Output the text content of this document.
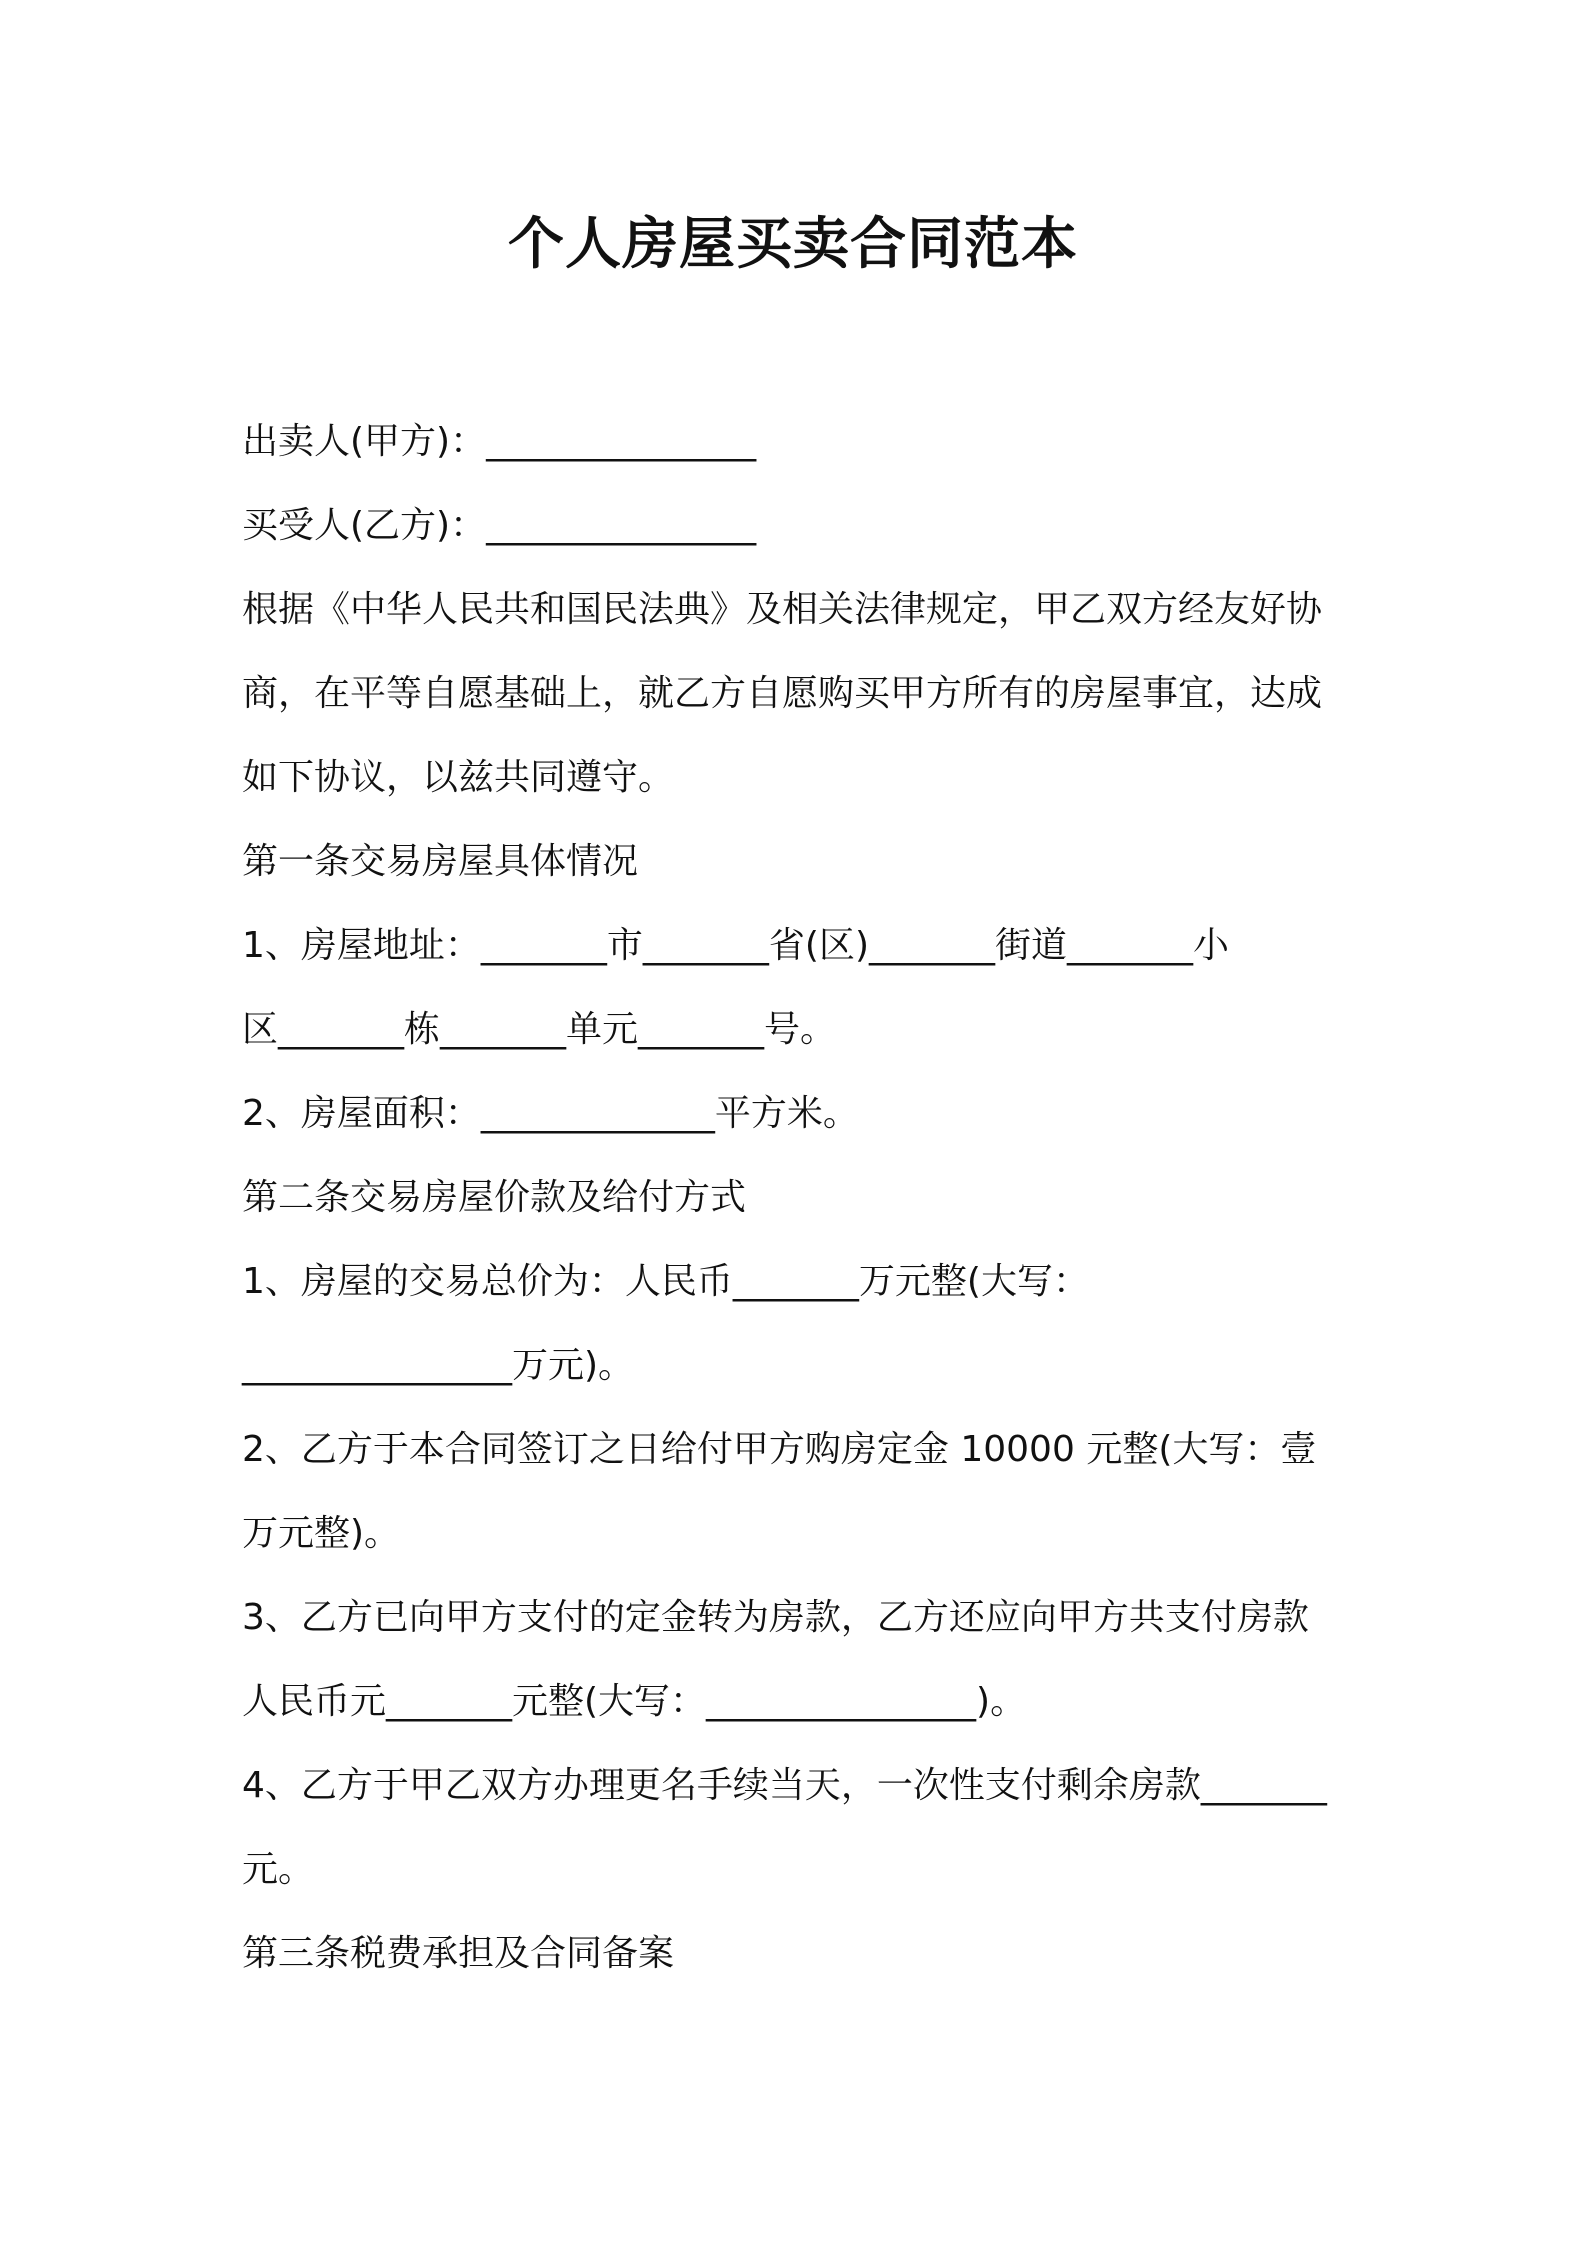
个人房屋买卖合同范本

出卖人(甲方)：_______________

买受人(乙方)：_______________

根据《中华人民共和国民法典》及相关法律规定，甲乙双方经友好协

商，在平等自愿基础上，就乙方自愿购买甲方所有的房屋事宜，达成

如下协议，以兹共同遵守。

第一条交易房屋具体情况

1、房屋地址：_______市_______省(区)_______街道_______小

区_______栋_______单元_______号。

2、房屋面积：_____________平方米。

第二条交易房屋价款及给付方式

1、房屋的交易总价为：人民币_______万元整(大写：

_______________万元)。

2、乙方于本合同签订之日给付甲方购房定金 10000 元整(大写：壹

万元整)。

3、乙方已向甲方支付的定金转为房款，乙方还应向甲方共支付房款

人民币元_______元整(大写：_______________)。

4、乙方于甲乙双方办理更名手续当天，一次性支付剩余房款_______

元。

第三条税费承担及合同备案
